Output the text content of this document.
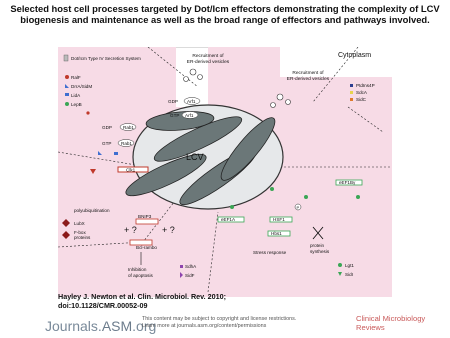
Selected host cell processes targeted by Dot/Icm effectors demonstrating the complexity of LCV
biogenesis and maintenance as well as the broad range of effectors and pathways involved.
LCV
Dot/Icm Type IV Secretion System
RalF
DrrA/SidM
LidA
LepB
PtdIns4P
SdcA
SidC
Cytoplasm
Recruitment of
ER-derived vesicles
Recruitment of
ER-derived vesicles
GDP
GTP
Arf1
Arf1
GDP
GTP
Rab1
Rab1
Clk1
polyubiquitination
LubX
F-box
proteins
BNIP3
+ ?	+ ?
Bcl-rambo
Inhibition
of apoptosis
SdhA
SidF
eEF1Bγ
eEF1A	HSF1
Hbs1
P
Stress response
protein
synthesis
Lgt1
SidI
Hayley J. Newton et al. Clin. Microbiol. Rev. 2010;
doi:10.1128/CMR.00052-09
Journals.ASM.org
This content may be subject to copyright and license restrictions.
Learn more at journals.asm.org/content/permissions
Clinical Microbiology
Reviews
